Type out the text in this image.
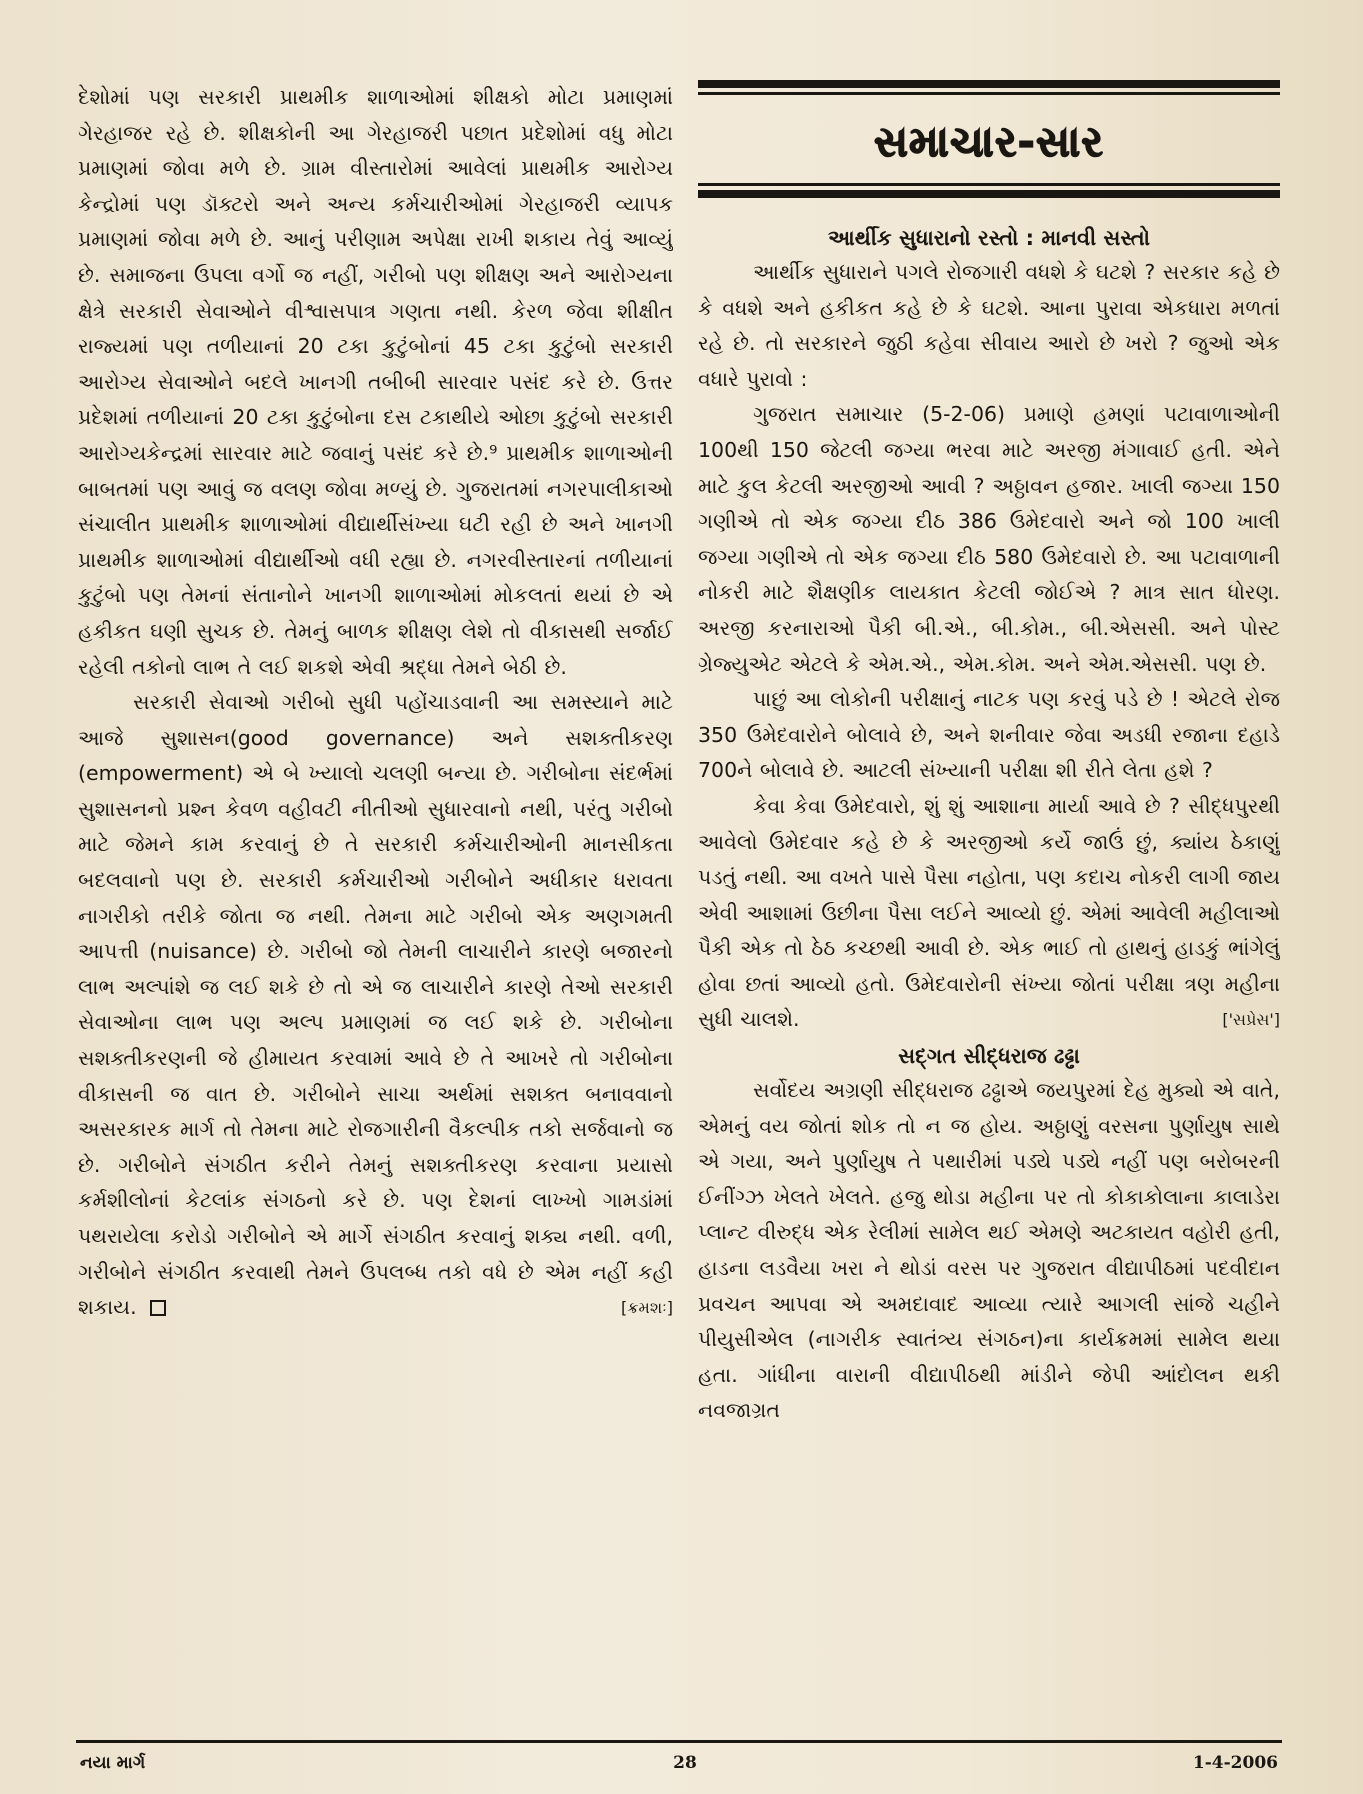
દેશોમાં પણ સરકારી પ્રાથમીક શાળાઓમાં શીક્ષકો મોટા પ્રમાણમાં ગેરહાજર રહે છે. શીક્ષકોની આ ગેરહાજરી પછાત પ્રદેશોમાં વધુ મોટા પ્રમાણમાં જોવા મળે છે. ગ્રામ વીસ્તારોમાં આવેલાં પ્રાથમીક આરોગ્ય કેન્દ્રોમાં પણ ડૉક્ટરો અને અન્ય કર્મચારીઓમાં ગેરહાજરી વ્યાપક પ્રમાણમાં જોવા મળે છે. આનું પરીણામ અપેક્ષા રાખી શકાય તેવું આવ્યું છે. સમાજના ઉપલા વર્ગો જ નહીં, ગરીબો પણ શીક્ષણ અને આરોગ્યના ક્ષેત્રે સરકારી સેવાઓને વીશ્વાસપાત્ર ગણતા નથી. કેરળ જેવા શીક્ષીત રાજ્યમાં પણ તળીયાનાં 20 ટકા કુટુંબોનાં 45 ટકા કુટુંબો સરકારી આરોગ્ય સેવાઓને બદલે ખાનગી તબીબી સારવાર પસંદ કરે છે. ઉત્તર પ્રદેશમાં તળીયાનાં 20 ટકા કુટુંબોના દસ ટકાથીયે ઓછા કુટુંબો સરકારી આરોગ્યકેન્દ્રમાં સારવાર માટે જવાનું પસંદ કરે છે.⁹ પ્રાથમીક શાળાઓની બાબતમાં પણ આવું જ વલણ જોવા મળ્યું છે. ગુજરાતમાં નગરપાલીકાઓ સંચાલીત પ્રાથમીક શાળાઓમાં વીદ્યાર્થીસંખ્યા ઘટી રહી છે અને ખાનગી પ્રાથમીક શાળાઓમાં વીદ્યાર્થીઓ વધી રહ્યા છે. નગરવીસ્તારનાં તળીયાનાં કુટુંબો પણ તેમનાં સંતાનોને ખાનગી શાળાઓમાં મોકલતાં થયાં છે એ હકીકત ઘણી સુચક છે. તેમનું બાળક શીક્ષણ લેશે તો વીકાસથી સર્જાઈ રહેલી તકોનો લાભ તે લઈ શકશે એવી શ્રદ્ધા તેમને બેઠી છે.

સરકારી સેવાઓ ગરીબો સુધી પહોંચાડવાની આ સમસ્યાને માટે આજે સુશાસન(good governance) અને સશક્તીકરણ (empowerment) એ બે ખ્યાલો ચલણી બન્યા છે. ગરીબોના સંદર્ભમાં સુશાસનનો પ્રશ્ન કેવળ વહીવટી નીતીઓ સુધારવાનો નથી, પરંતુ ગરીબો માટે જેમને કામ કરવાનું છે તે સરકારી કર્મચારીઓની માનસીકતા બદલવાનો પણ છે. સરકારી કર્મચારીઓ ગરીબોને અધીકાર ધરાવતા નાગરીકો તરીકે જોતા જ નથી. તેમના માટે ગરીબો એક અણગમતી આપત્તી (nuisance) છે. ગરીબો જો તેમની લાચારીને કારણે બજારનો લાભ અલ્પાંશે જ લઈ શકે છે તો એ જ લાચારીને કારણે તેઓ સરકારી સેવાઓના લાભ પણ અલ્પ પ્રમાણમાં જ લઈ શકે છે. ગરીબોના સશક્તીકરણની જે હીમાયત કરવામાં આવે છે તે આખરે તો ગરીબોના વીકાસની જ વાત છે. ગરીબોને સાચા અર્થમાં સશક્ત બનાવવાનો અસરકારક માર્ગ તો તેમના માટે રોજગારીની વૈકલ્પીક તકો સર્જવાનો જ છે. ગરીબોને સંગઠીત કરીને તેમનું સશક્તીકરણ કરવાના પ્રયાસો કર્મશીલોનાં કેટલાંક સંગઠનો કરે છે. પણ દેશનાં લાખ્ખો ગામડાંમાં પથરાયેલા કરોડો ગરીબોને એ માર્ગે સંગઠીત કરવાનું શક્ય નથી. વળી, ગરીબોને સંગઠીત કરવાથી તેમને ઉપલબ્ધ તકો વધે છે એમ નહીં કહી શકાય.	[ક્રમશઃ]

સમાચાર-સાર
આર્થીક સુધારાનો રસ્તો : માનવી સસ્તો

આર્થીક સુધારાને પગલે રોજગારી વધશે કે ઘટશે ? સરકાર કહે છે કે વધશે અને હકીકત કહે છે કે ઘટશે. આના પુરાવા એકધારા મળતાં રહે છે. તો સરકારને જુઠી કહેવા સીવાય આરો છે ખરો ? જુઓ એક વધારે પુરાવો :

ગુજરાત સમાચાર (5-2-06) પ્રમાણે હમણાં પટાવાળાઓની 100થી 150 જેટલી જગ્યા ભરવા માટે અરજી મંગાવાઈ હતી. એને માટે કુલ કેટલી અરજીઓ આવી ? અઠ્ઠાવન હજાર. ખાલી જગ્યા 150 ગણીએ તો એક જગ્યા દીઠ 386 ઉમેદવારો અને જો 100 ખાલી જગ્યા ગણીએ તો એક જગ્યા દીઠ 580 ઉમેદવારો છે. આ પટાવાળાની નોકરી માટે શૈક્ષણીક લાયકાત કેટલી જોઈએ ? માત્ર સાત ધોરણ. અરજી કરનારાઓ પૈકી બી.એ., બી.કોમ., બી.એસસી. અને પોસ્ટ ગ્રેજ્યુએટ એટલે કે એમ.એ., એમ.કોમ. અને એમ.એસસી. પણ છે.

પાછું આ લોકોની પરીક્ષાનું નાટક પણ કરવું પડે છે ! એટલે રોજ 350 ઉમેદવારોને બોલાવે છે, અને શનીવાર જેવા અડધી રજાના દહાડે 700ને બોલાવે છે. આટલી સંખ્યાની પરીક્ષા શી રીતે લેતા હશે ?

કેવા કેવા ઉમેદવારો, શું શું આશાના માર્યા આવે છે ? સીદ્ધપુરથી આવેલો ઉમેદવાર કહે છે કે અરજીઓ કર્યે જાઉં છું, ક્યાંય ઠેકાણું પડતું નથી. આ વખતે પાસે પૈસા નહોતા, પણ કદાચ નોકરી લાગી જાય એવી આશામાં ઉછીના પૈસા લઈને આવ્યો છું. એમાં આવેલી મહીલાઓ પૈકી એક તો ઠેઠ કચ્છથી આવી છે. એક ભાઈ તો હાથનું હાડકું ભાંગેલું હોવા છતાં આવ્યો હતો. ઉમેદવારોની સંખ્યા જોતાં પરીક્ષા ત્રણ મહીના સુધી ચાલશે.	['સપ્રેસ']

સદ્‌ગત સીદ્ધરાજ ઢઢ્ઢા

સર્વોદય અગ્રણી સીદ્ધરાજ ઢઢ્ઢાએ જયપુરમાં દેહ મુક્યો એ વાતે, એમનું વય જોતાં શોક તો ન જ હોય. અઠ્ઠાણું વરસના પુર્ણાયુષ સાથે એ ગયા, અને પુર્ણાયુષ તે પથારીમાં પડ્યે પડ્યે નહીં પણ બરોબરની ઈનીંગ્ઝ ખેલતે ખેલતે. હજુ થોડા મહીના પર તો કોકાકોલાના કાલાડેરા પ્લાન્ટ વીરુદ્ધ એક રેલીમાં સામેલ થઈ એમણે અટકાયત વહોરી હતી, હાડના લડવૈયા ખરા ને થોડાં વરસ પર ગુજરાત વીદ્યાપીઠમાં પદવીદાન પ્રવચન આપવા એ અમદાવાદ આવ્યા ત્યારે આગલી સાંજે ચહીને પીયુસીએલ (નાગરીક સ્વાતંત્ર્ય સંગઠન)ના કાર્યક્રમમાં સામેલ થયા હતા. ગાંધીના વારાની વીદ્યાપીઠથી માંડીને જેપી આંદોલન થકી નવજાગ્રત

નયા માર્ગ	28	1-4-2006
